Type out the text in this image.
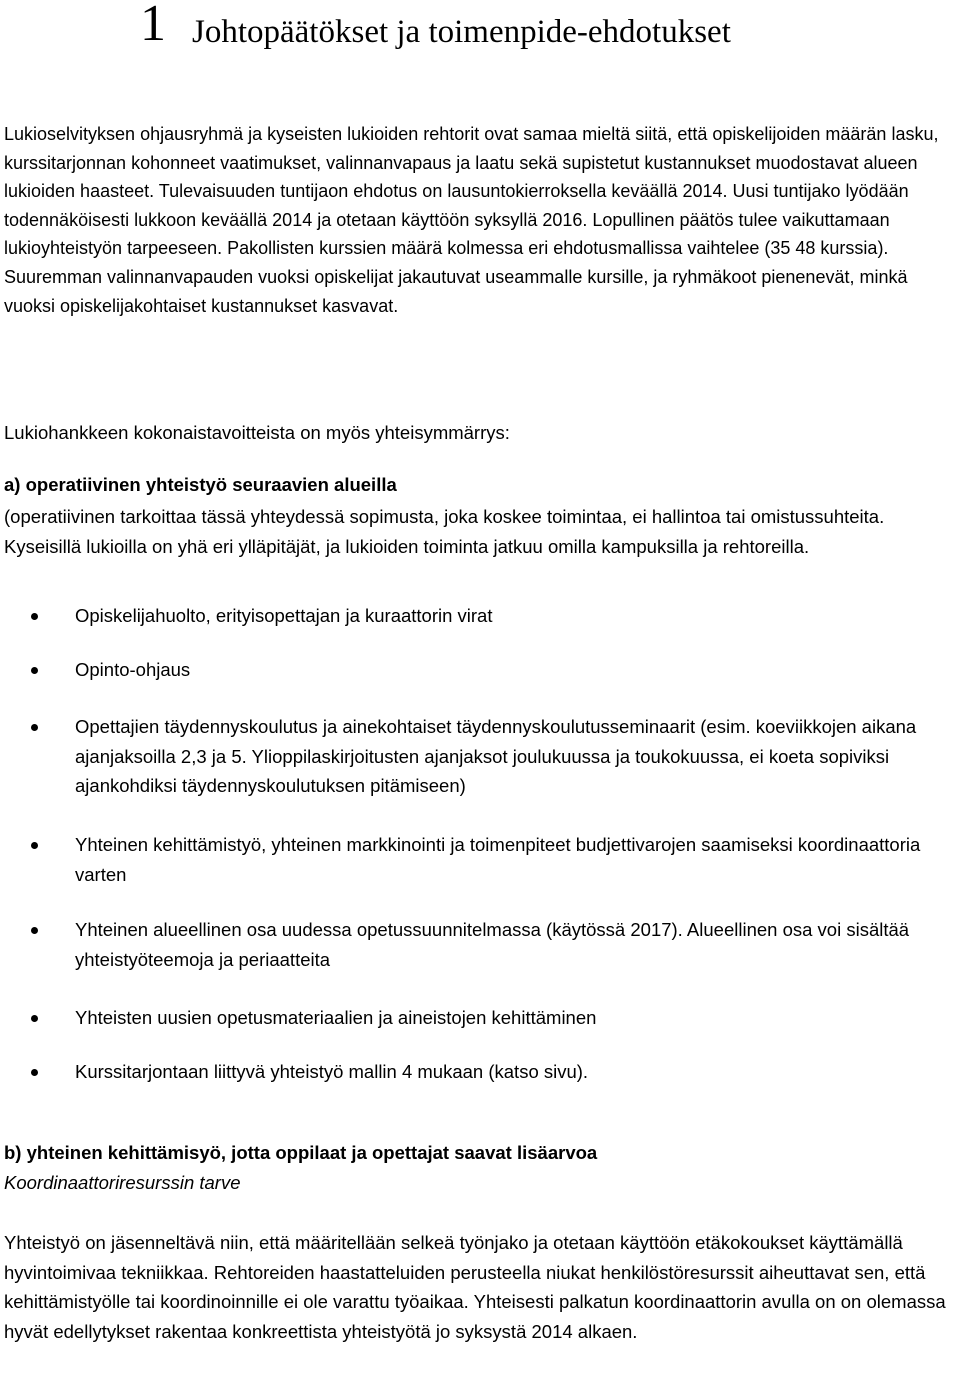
1 Johtopäätökset ja toimenpide-ehdotukset

Lukioselvityksen ohjausryhmä ja kyseisten lukioiden rehtorit ovat samaa mieltä siitä, että opiskelijoiden määrän lasku, kurssitarjonnan kohonneet vaatimukset, valinnanvapaus ja laatu sekä supistetut kustannukset muodostavat alueen lukioiden haasteet. Tulevaisuuden tuntijaon ehdotus on lausuntokierroksella keväällä 2014. Uusi tuntijako lyödään todennäköisesti lukkoon keväällä 2014 ja otetaan käyttöön syksyllä 2016. Lopullinen päätös tulee vaikuttamaan lukioyhteistyön tarpeeseen. Pakollisten kurssien määrä kolmessa eri ehdotusmallissa vaihtelee (35 48 kurssia). Suuremman valinnanvapauden vuoksi opiskelijat jakautuvat useammalle kursille, ja ryhmäkoot pienenevät, minkä vuoksi opiskelijakohtaiset kustannukset kasvavat.

Lukiohankkeen kokonaistavoitteista on myös yhteisymmärrys:

a) operatiivinen yhteistyö seuraavien alueilla

(operatiivinen tarkoittaa tässä yhteydessä sopimusta, joka koskee toimintaa, ei hallintoa tai omistussuhteita. Kyseisillä lukioilla on yhä eri ylläpitäjät, ja lukioiden toiminta jatkuu omilla kampuksilla ja rehtoreilla.

Opiskelijahuolto, erityisopettajan ja kuraattorin virat
Opinto-ohjaus
Opettajien täydennyskoulutus ja ainekohtaiset täydennyskoulutusseminaarit (esim. koeviikkojen aikana ajanjaksoilla 2,3 ja 5. Ylioppilaskirjoitusten ajanjaksot joulukuussa ja toukokuussa, ei koeta sopiviksi ajankohdiksi täydennyskoulutuksen pitämiseen)
Yhteinen kehittämistyö, yhteinen markkinointi ja toimenpiteet budjettivarojen saamiseksi koordinaattoria varten
Yhteinen alueellinen osa uudessa opetussuunnitelmassa (käytössä 2017). Alueellinen osa voi sisältää yhteistyöteemoja ja periaatteita
Yhteisten uusien opetusmateriaalien ja aineistojen kehittäminen
Kurssitarjontaan liittyvä yhteistyö mallin 4 mukaan (katso sivu).

b) yhteinen kehittämisyö, jotta oppilaat ja opettajat saavat lisäarvoa

Koordinaattoriresurssin tarve

Yhteistyö on jäsenneltävä niin, että määritellään selkeä työnjako ja otetaan käyttöön etäkokoukset käyttämällä hyvintoimivaa tekniikkaa. Rehtoreiden haastatteluiden perusteella niukat henkilöstöresurssit aiheuttavat sen, että kehittämistyölle tai koordinoinnille ei ole varattu työaikaa. Yhteisesti palkatun koordinaattorin avulla on on olemassa hyvät edellytykset rakentaa konkreettista yhteistyötä jo syksystä 2014 alkaen.
